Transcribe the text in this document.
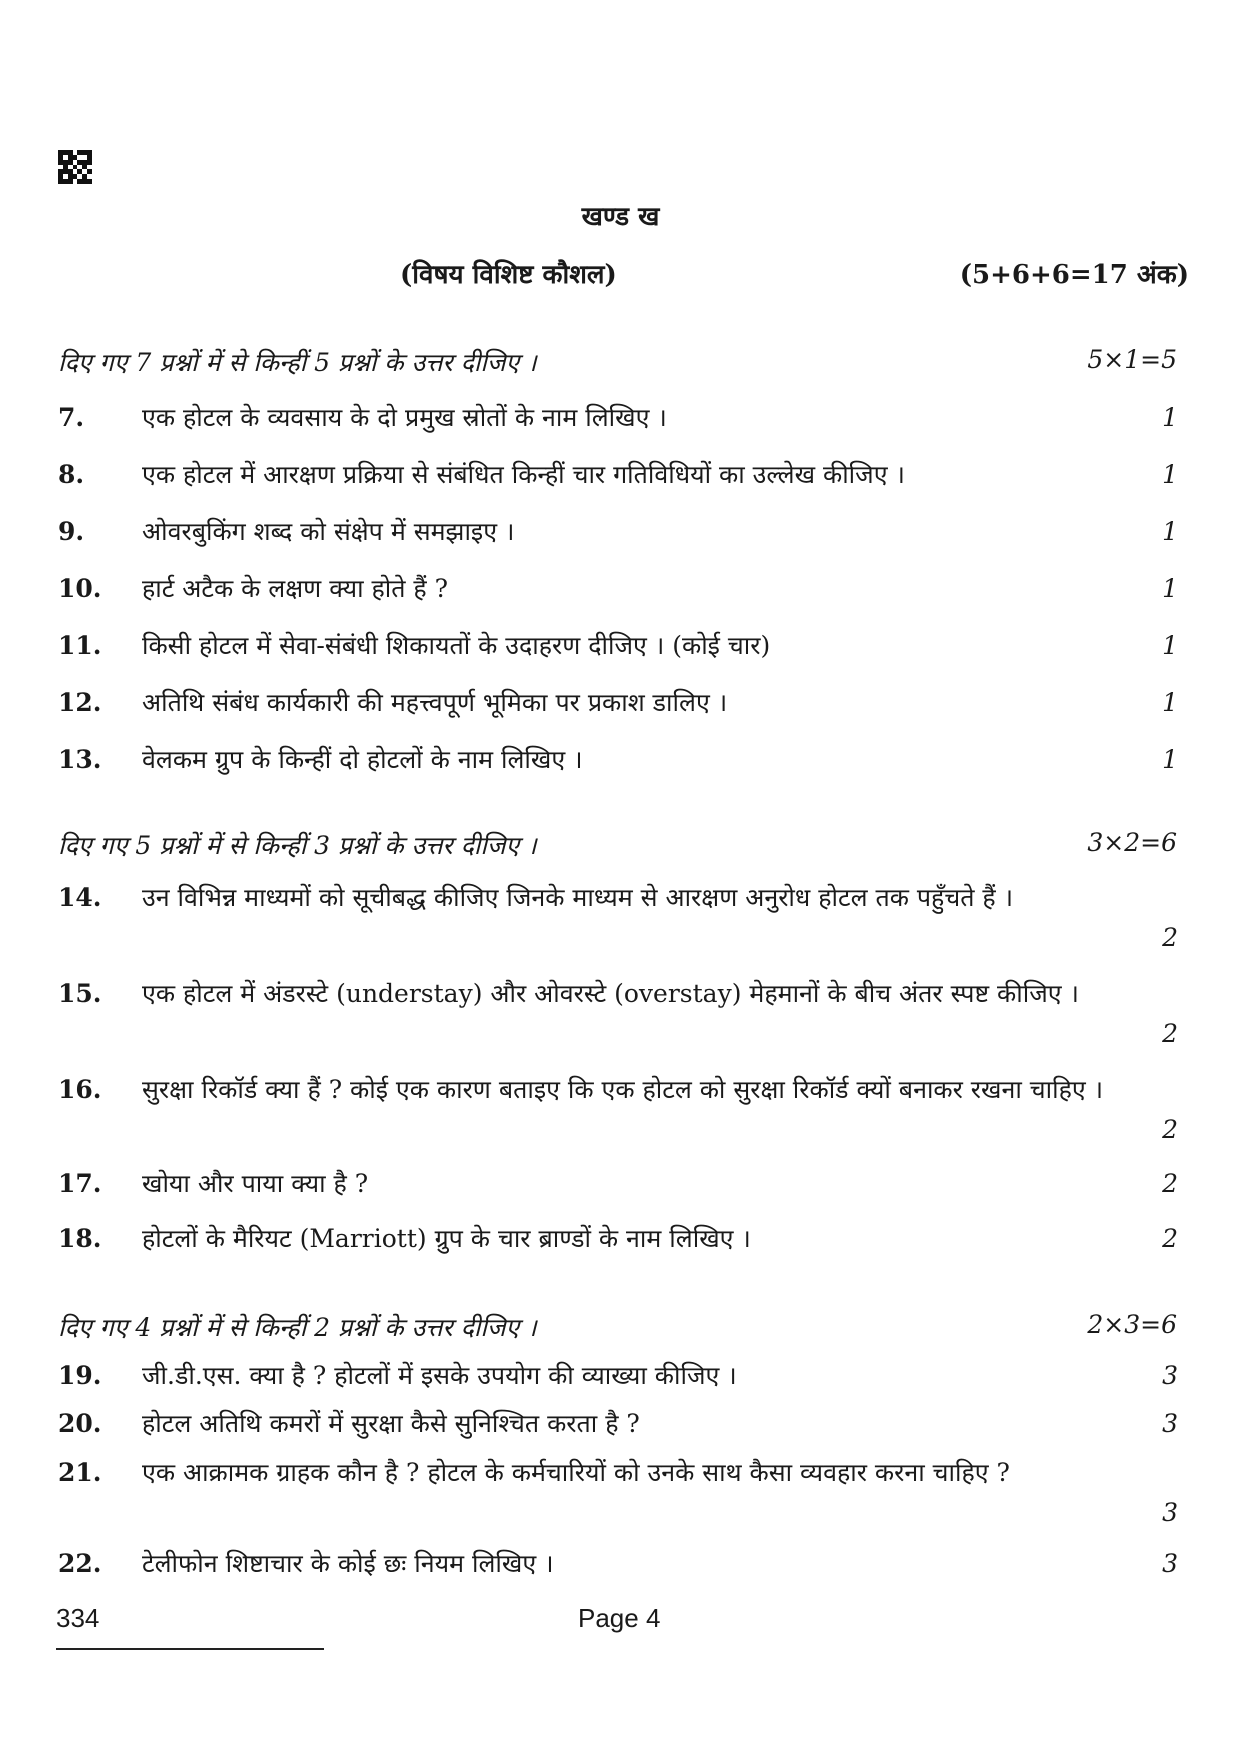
खण्ड ख
(विषय विशिष्ट कौशल)	(5+6+6=17 अंक)
दिए गए 7 प्रश्नों में से किन्हीं 5 प्रश्नों के उत्तर दीजिए ।	5×1=5
7.	एक होटल के व्यवसाय के दो प्रमुख स्रोतों के नाम लिखिए ।	1
8.	एक होटल में आरक्षण प्रक्रिया से संबंधित किन्हीं चार गतिविधियों का उल्लेख कीजिए ।	1
9.	ओवरबुकिंग शब्द को संक्षेप में समझाइए ।	1
10.	हार्ट अटैक के लक्षण क्या होते हैं ?	1
11.	किसी होटल में सेवा-संबंधी शिकायतों के उदाहरण दीजिए । (कोई चार)	1
12.	अतिथि संबंध कार्यकारी की महत्त्वपूर्ण भूमिका पर प्रकाश डालिए ।	1
13.	वेलकम ग्रुप के किन्हीं दो होटलों के नाम लिखिए ।	1
दिए गए 5 प्रश्नों में से किन्हीं 3 प्रश्नों के उत्तर दीजिए ।	3×2=6
14.	उन विभिन्न माध्यमों को सूचीबद्ध कीजिए जिनके माध्यम से आरक्षण अनुरोध होटल तक पहुँचते हैं ।
2
15.	एक होटल में अंडरस्टे (understay) और ओवरस्टे (overstay) मेहमानों के बीच अंतर स्पष्ट कीजिए ।
2
16.	सुरक्षा रिकॉर्ड क्या हैं ? कोई एक कारण बताइए कि एक होटल को सुरक्षा रिकॉर्ड क्यों बनाकर रखना चाहिए ।
2
17.	खोया और पाया क्या है ?	2
18.	होटलों के मैरियट (Marriott) ग्रुप के चार ब्राण्डों के नाम लिखिए ।	2
दिए गए 4 प्रश्नों में से किन्हीं 2 प्रश्नों के उत्तर दीजिए ।	2×3=6
19.	जी.डी.एस. क्या है ? होटलों में इसके उपयोग की व्याख्या कीजिए ।	3
20.	होटल अतिथि कमरों में सुरक्षा कैसे सुनिश्चित करता है ?	3
21.	एक आक्रामक ग्राहक कौन है ? होटल के कर्मचारियों को उनके साथ कैसा व्यवहार करना चाहिए ?
3
22.	टेलीफोन शिष्टाचार के कोई छः नियम लिखिए ।	3
334	Page 4
